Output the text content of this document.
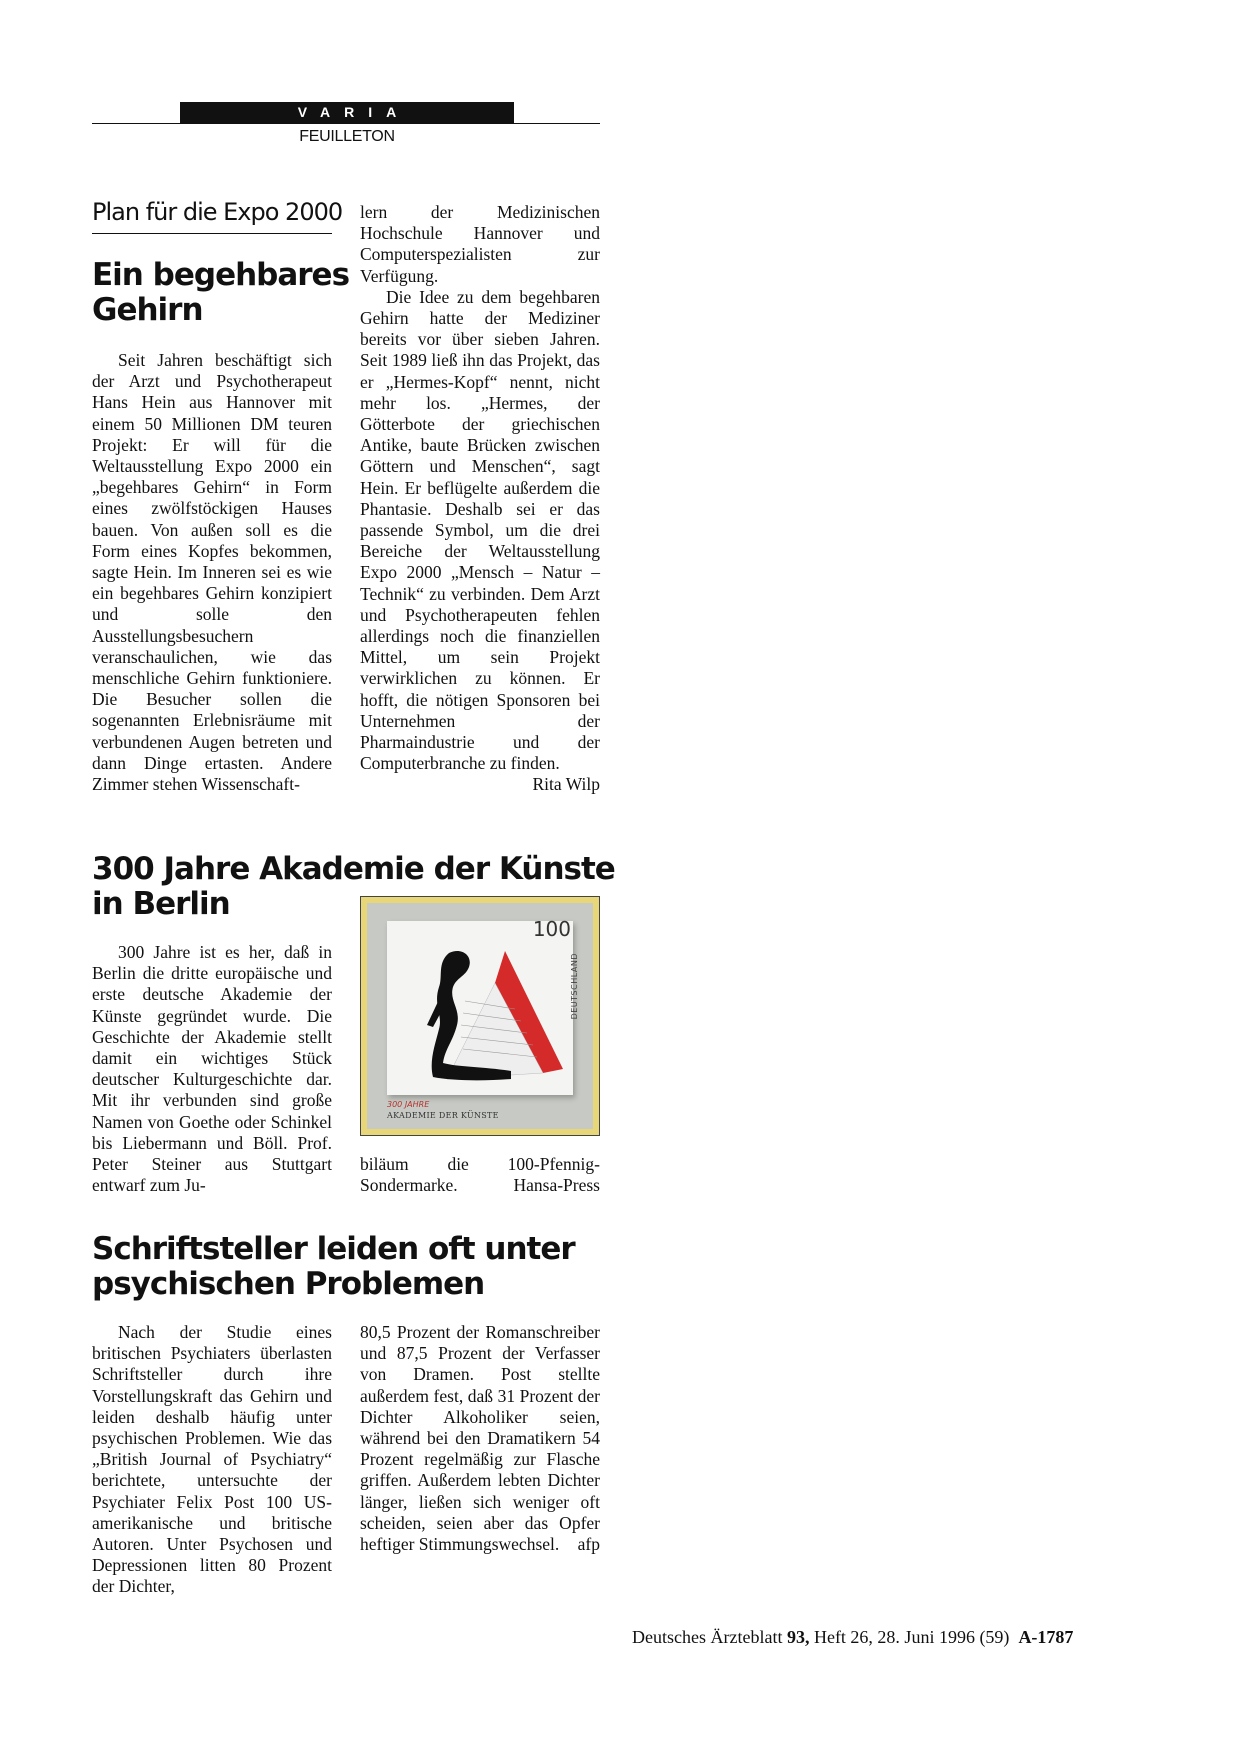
VARIA
FEUILLETON
Plan für die Expo 2000
Ein begehbares
Gehirn

Seit Jahren beschäftigt sich der Arzt und Psychotherapeut Hans Hein aus Hannover mit einem 50 Millionen DM teuren Projekt: Er will für die Weltausstellung Expo 2000 ein „begehbares Gehirn“ in Form eines zwölfstöckigen Hauses bauen. Von außen soll es die Form eines Kopfes bekommen, sagte Hein. Im Inneren sei es wie ein begehbares Gehirn konzipiert und solle den Ausstellungsbesuchern veranschaulichen, wie das menschliche Gehirn funktioniere. Die Besucher sollen die sogenannten Erlebnisräume mit verbundenen Augen betreten und dann Dinge ertasten. Andere Zimmer stehen Wissenschaft-

lern der Medizinischen Hochschule Hannover und Computerspezialisten zur Verfügung.

Die Idee zu dem begehbaren Gehirn hatte der Mediziner bereits vor über sieben Jahren. Seit 1989 ließ ihn das Projekt, das er „Hermes-Kopf“ nennt, nicht mehr los. „Hermes, der Götterbote der griechischen Antike, baute Brücken zwischen Göttern und Menschen“, sagt Hein. Er beflügelte außerdem die Phantasie. Deshalb sei er das passende Symbol, um die drei Bereiche der Weltausstellung Expo 2000 „Mensch – Natur – Technik“ zu verbinden. Dem Arzt und Psychotherapeuten fehlen allerdings noch die finanziellen Mittel, um sein Projekt verwirklichen zu können. Er hofft, die nötigen Sponsoren bei Unternehmen der Pharmaindustrie und der Computerbranche zu finden.
Rita Wilp

300 Jahre Akademie der Künste
in Berlin

300 Jahre ist es her, daß in Berlin die dritte europäische und erste deutsche Akademie der Künste gegründet wurde. Die Geschichte der Akademie stellt damit ein wichtiges Stück deutscher Kulturgeschichte dar. Mit ihr verbunden sind große Namen von Goethe oder Schinkel bis Liebermann und Böll. Prof. Peter Steiner aus Stuttgart entwarf zum Ju-

100
DEUTSCHLAND
300 JAHRE
AKADEMIE DER KÜNSTE

biläum die 100-Pfennig-Sondermarke.	Hansa-Press

Schriftsteller leiden oft unter
psychischen Problemen

Nach der Studie eines britischen Psychiaters überlasten Schriftsteller durch ihre Vorstellungskraft das Gehirn und leiden deshalb häufig unter psychischen Problemen. Wie das „British Journal of Psychiatry“ berichtete, untersuchte der Psychiater Felix Post 100 US-amerikanische und britische Autoren. Unter Psychosen und Depressionen litten 80 Prozent der Dichter,

80,5 Prozent der Romanschreiber und 87,5 Prozent der Verfasser von Dramen. Post stellte außerdem fest, daß 31 Prozent der Dichter Alkoholiker seien, während bei den Dramatikern 54 Prozent regelmäßig zur Flasche griffen. Außerdem lebten Dichter länger, ließen sich weniger oft scheiden, seien aber das Opfer heftiger Stimmungswechsel. afp

Deutsches Ärzteblatt 93, Heft 26, 28. Juni 1996 (59) A-1787
